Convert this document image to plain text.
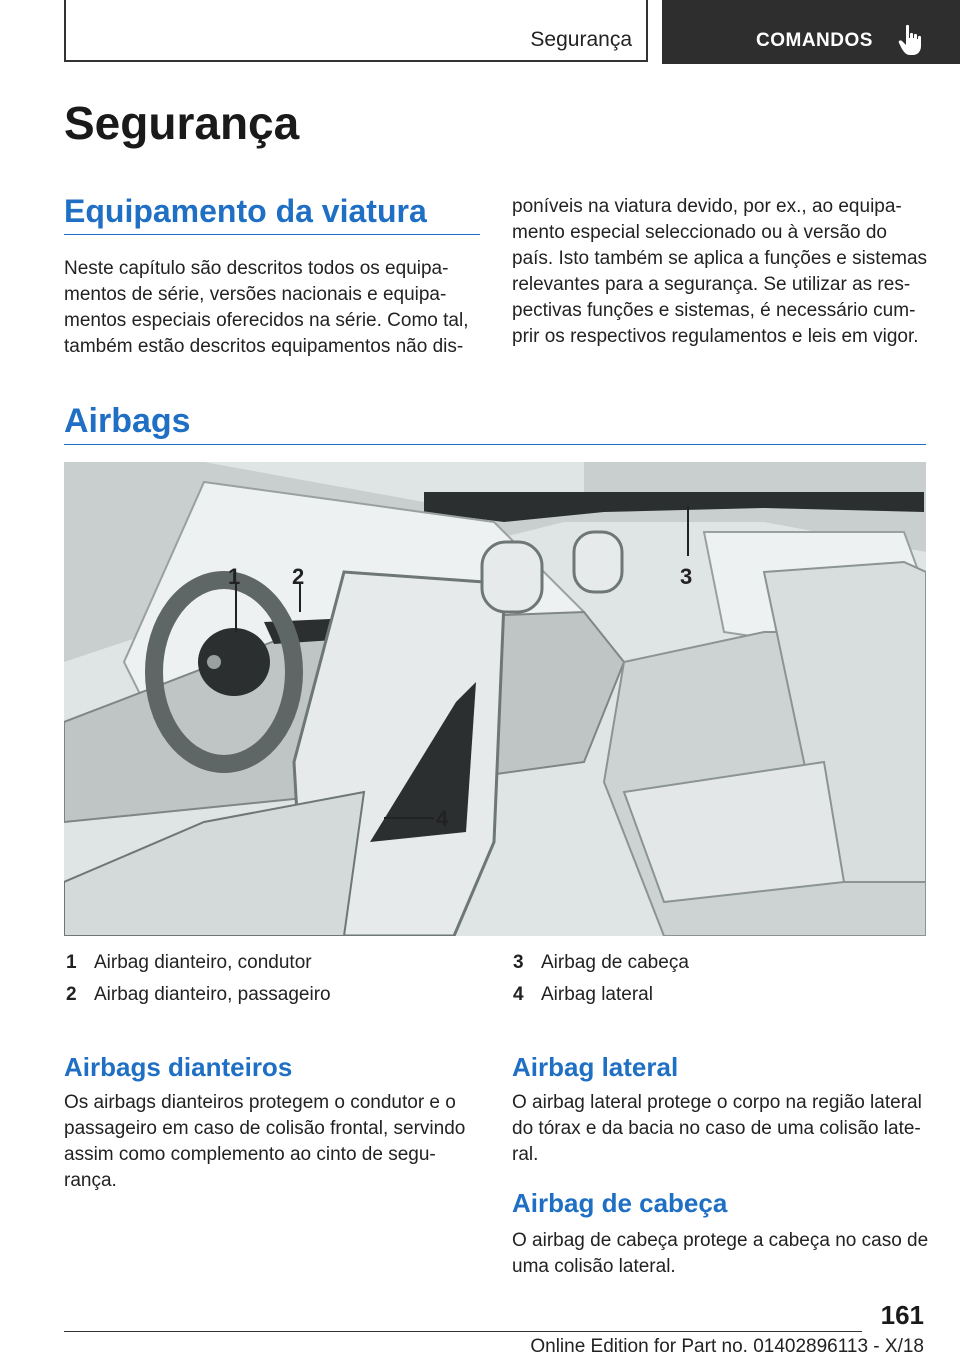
Segurança	COMANDOS
Segurança
Equipamento da viatura
Neste capítulo são descritos todos os equipa-
mentos de série, versões nacionais e equipa-
mentos especiais oferecidos na série. Como tal,
também estão descritos equipamentos não dis-
poníveis na viatura devido, por ex., ao equipa-
mento especial seleccionado ou à versão do
país. Isto também se aplica a funções e sistemas
relevantes para a segurança. Se utilizar as res-
pectivas funções e sistemas, é necessário cum-
prir os respectivos regulamentos e leis em vigor.
Airbags
1 2	3
4
1 Airbag dianteiro, condutor
2 Airbag dianteiro, passageiro
3 Airbag de cabeça
4 Airbag lateral
Airbags dianteiros
Os airbags dianteiros protegem o condutor e o
passageiro em caso de colisão frontal, servindo
assim como complemento ao cinto de segu-
rança.
Airbag lateral
O airbag lateral protege o corpo na região lateral
do tórax e da bacia no caso de uma colisão late-
ral.
Airbag de cabeça
O airbag de cabeça protege a cabeça no caso de
uma colisão lateral.
161
Online Edition for Part no. 01402896113 - X/18
